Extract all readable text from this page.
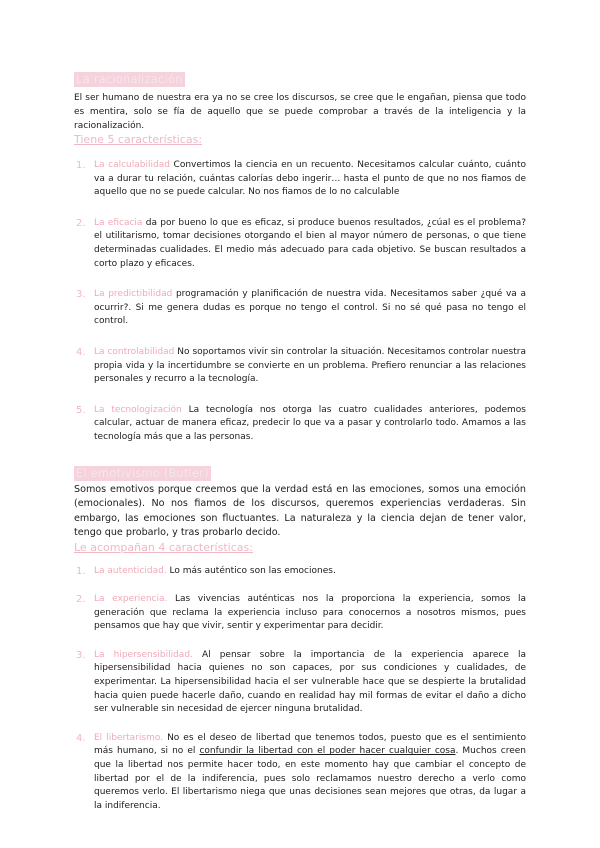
La racionalización

El ser humano de nuestra era ya no se cree los discursos, se cree que le engañan, piensa que todo es mentira, solo se fía de aquello que se puede comprobar a través de la inteligencia y la racionalización.

Tiene 5 características:
1. La calculabilidad Convertimos la ciencia en un recuento. Necesitamos calcular cuánto, cuánto va a durar tu relación, cuántas calorías debo ingerir… hasta el punto de que no nos fiamos de aquello que no se puede calcular. No nos fiamos de lo no calculable
2. La eficacia da por bueno lo que es eficaz, si produce buenos resultados, ¿cúal es el problema? el utilitarismo, tomar decisiones otorgando el bien al mayor número de personas, o que tiene determinadas cualidades. El medio más adecuado para cada objetivo. Se buscan resultados a corto plazo y eficaces.
3. La predictibilidad programación y planificación de nuestra vida. Necesitamos saber ¿qué va a ocurrir?. Si me genera dudas es porque no tengo el control. Si no sé qué pasa no tengo el control.
4. La controlabilidad No soportamos vivir sin controlar la situación. Necesitamos controlar nuestra propia vida y la incertidumbre se convierte en un problema. Prefiero renunciar a las relaciones personales y recurro a la tecnología.
5. La tecnologización La tecnología nos otorga las cuatro cualidades anteriores, podemos calcular, actuar de manera eficaz, predecir lo que va a pasar y controlarlo todo. Amamos a las tecnología más que a las personas.
El emotivismo (Butler)

Somos emotivos porque creemos que la verdad está en las emociones, somos una emoción (emocionales). No nos fiamos de los discursos, queremos experiencias verdaderas. Sin embargo, las emociones son fluctuantes. La naturaleza y la ciencia dejan de tener valor, tengo que probarlo, y tras probarlo decido.

Le acompañan 4 características:
1. La autenticidad. Lo más auténtico son las emociones.
2. La experiencia. Las vivencias auténticas nos la proporciona la experiencia, somos la generación que reclama la experiencia incluso para conocernos a nosotros mismos, pues pensamos que hay que vivir, sentir y experimentar para decidir.
3. La hipersensibilidad. Al pensar sobre la importancia de la experiencia aparece la hipersensibilidad hacia quienes no son capaces, por sus condiciones y cualidades, de experimentar. La hipersensibilidad hacia el ser vulnerable hace que se despierte la brutalidad hacia quien puede hacerle daño, cuando en realidad hay mil formas de evitar el daño a dicho ser vulnerable sin necesidad de ejercer ninguna brutalidad.
4. El libertarismo. No es el deseo de libertad que tenemos todos, puesto que es el sentimiento más humano, si no el confundir la libertad con el poder hacer cualquier cosa. Muchos creen que la libertad nos permite hacer todo, en este momento hay que cambiar el concepto de libertad por el de la indiferencia, pues solo reclamamos nuestro derecho a verlo como queremos verlo. El libertarismo niega que unas decisiones sean mejores que otras, da lugar a la indiferencia.
